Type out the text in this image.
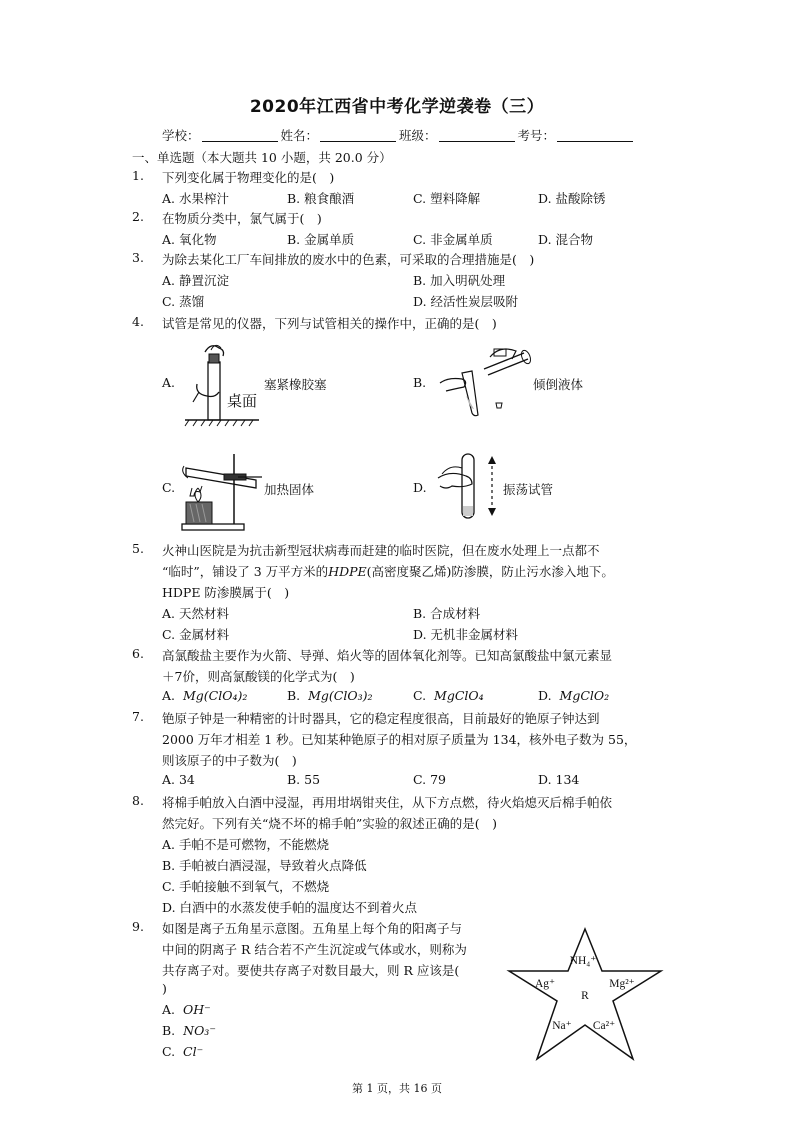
2020年江西省中考化学逆袭卷（三）
学校：	姓名：	班级：	考号：
一、单选题（本大题共 10 小题，共 20.0 分）
1. 下列变化属于物理变化的是(　)
A. 水果榨汁	B. 粮食酿酒	C. 塑料降解	D. 盐酸除锈
2. 在物质分类中，氯气属于(　)
A. 氧化物	B. 金属单质	C. 非金属单质	D. 混合物
3. 为除去某化工厂车间排放的废水中的色素，可采取的合理措施是(　)
A. 静置沉淀	B. 加入明矾处理
C. 蒸馏	D. 经活性炭层吸附
4. 试管是常见的仪器，下列与试管相关的操作中，正确的是(　)
A.
桌面
塞紧橡胶塞	B.	倾倒液体
C.	加热固体	D.	振荡试管
5. 火神山医院是为抗击新型冠状病毒而赶建的临时医院，但在废水处理上一点都不
“临时”，铺设了 3 万平方米的HDPE(高密度聚乙烯)防渗膜，防止污水渗入地下。
HDPE 防渗膜属于(　)
A. 天然材料	B. 合成材料
C. 金属材料	D. 无机非金属材料
6. 高氯酸盐主要作为火箭、导弹、焰火等的固体氧化剂等。已知高氯酸盐中氯元素显
＋7价，则高氯酸镁的化学式为(　)
A. Mg(ClO₄)₂	B. Mg(ClO₃)₂	C. MgClO₄	D. MgClO₂
7. 铯原子钟是一种精密的计时器具，它的稳定程度很高，目前最好的铯原子钟达到
2000 万年才相差 1 秒。已知某种铯原子的相对原子质量为 134，核外电子数为 55，
则该原子的中子数为(　)
A. 34	B. 55	C. 79	D. 134
8. 将棉手帕放入白酒中浸湿，再用坩埚钳夹住，从下方点燃，待火焰熄灭后棉手帕依
然完好。下列有关“烧不坏的棉手帕”实验的叙述正确的是(　)
A. 手帕不是可燃物，不能燃烧
B. 手帕被白酒浸湿，导致着火点降低
C. 手帕接触不到氧气，不燃烧
D. 白酒中的水蒸发使手帕的温度达不到着火点
9. 如图是离子五角星示意图。五角星上每个角的阳离子与
中间的阴离子 R 结合若不产生沉淀或气体或水，则称为
共存离子对。要使共存离子对数目最大，则 R 应该是(
)
A. OH⁻
B. NO₃⁻
C. Cl⁻
NH₄⁺
Ag⁺	Mg²⁺
R
Na⁺ Ca²⁺
第 1 页，共 16 页
